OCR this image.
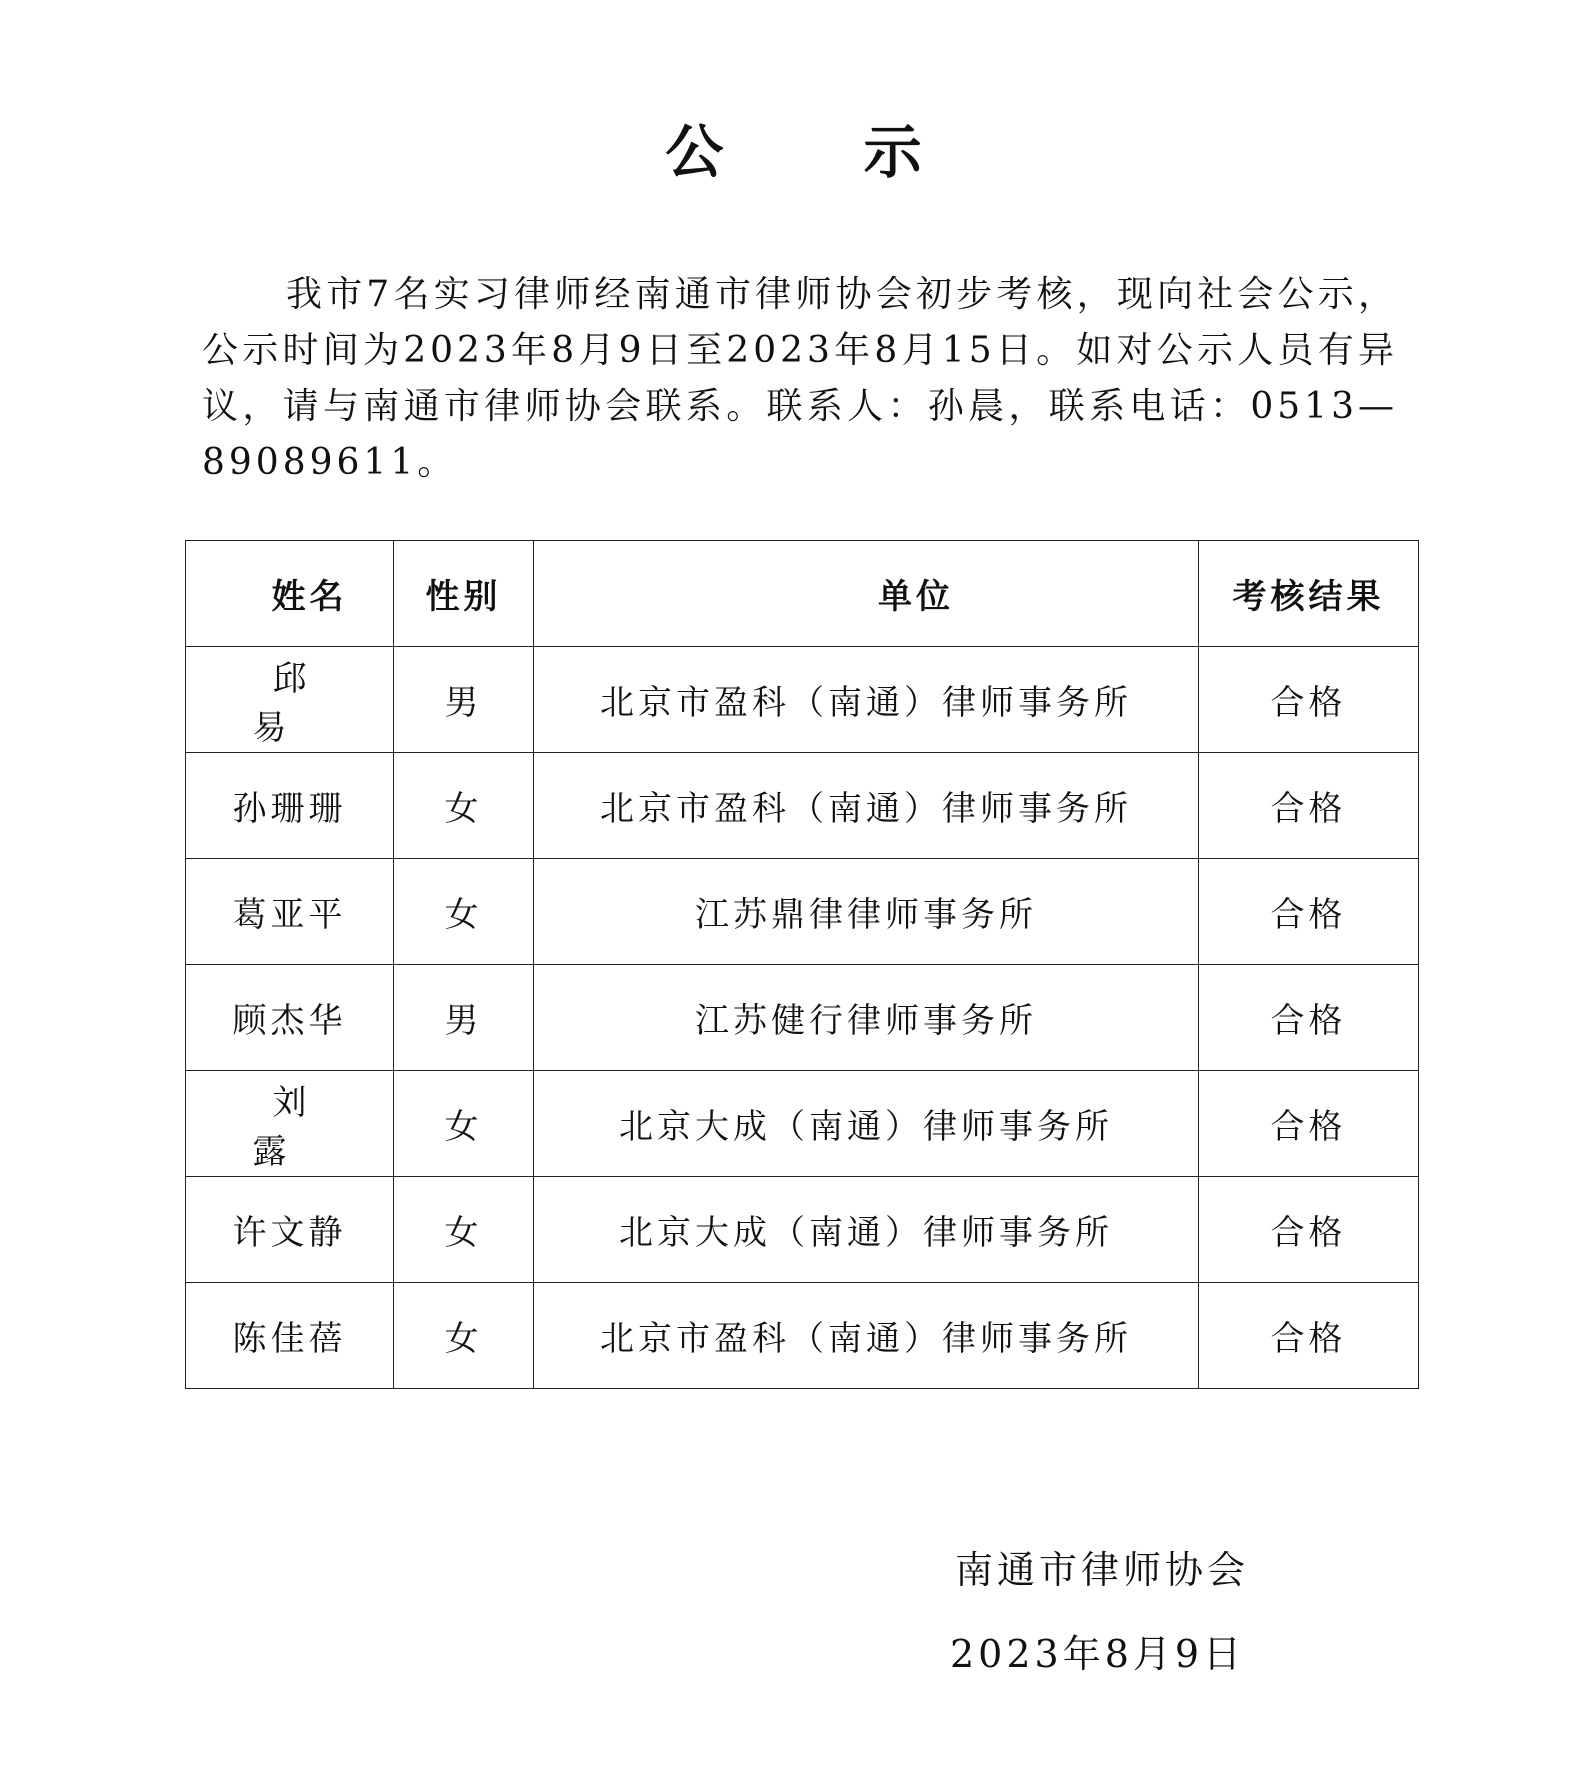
公 示
我市7名实习律师经南通市律师协会初步考核，现向社会公示，公示时间为2023年8月9日至2023年8月15日。如对公示人员有异议，请与南通市律师协会联系。联系人：孙晨，联系电话：0513—89089611。
姓名	性别	单位	考核结果
邱 易	男	北京市盈科（南通）律师事务所	合格
孙珊珊	女	北京市盈科（南通）律师事务所	合格
葛亚平	女	江苏鼎律律师事务所	合格
顾杰华	男	江苏健行律师事务所	合格
刘 露	女	北京大成（南通）律师事务所	合格
许文静	女	北京大成（南通）律师事务所	合格
陈佳蓓	女	北京市盈科（南通）律师事务所	合格
南通市律师协会
2023年8月9日
